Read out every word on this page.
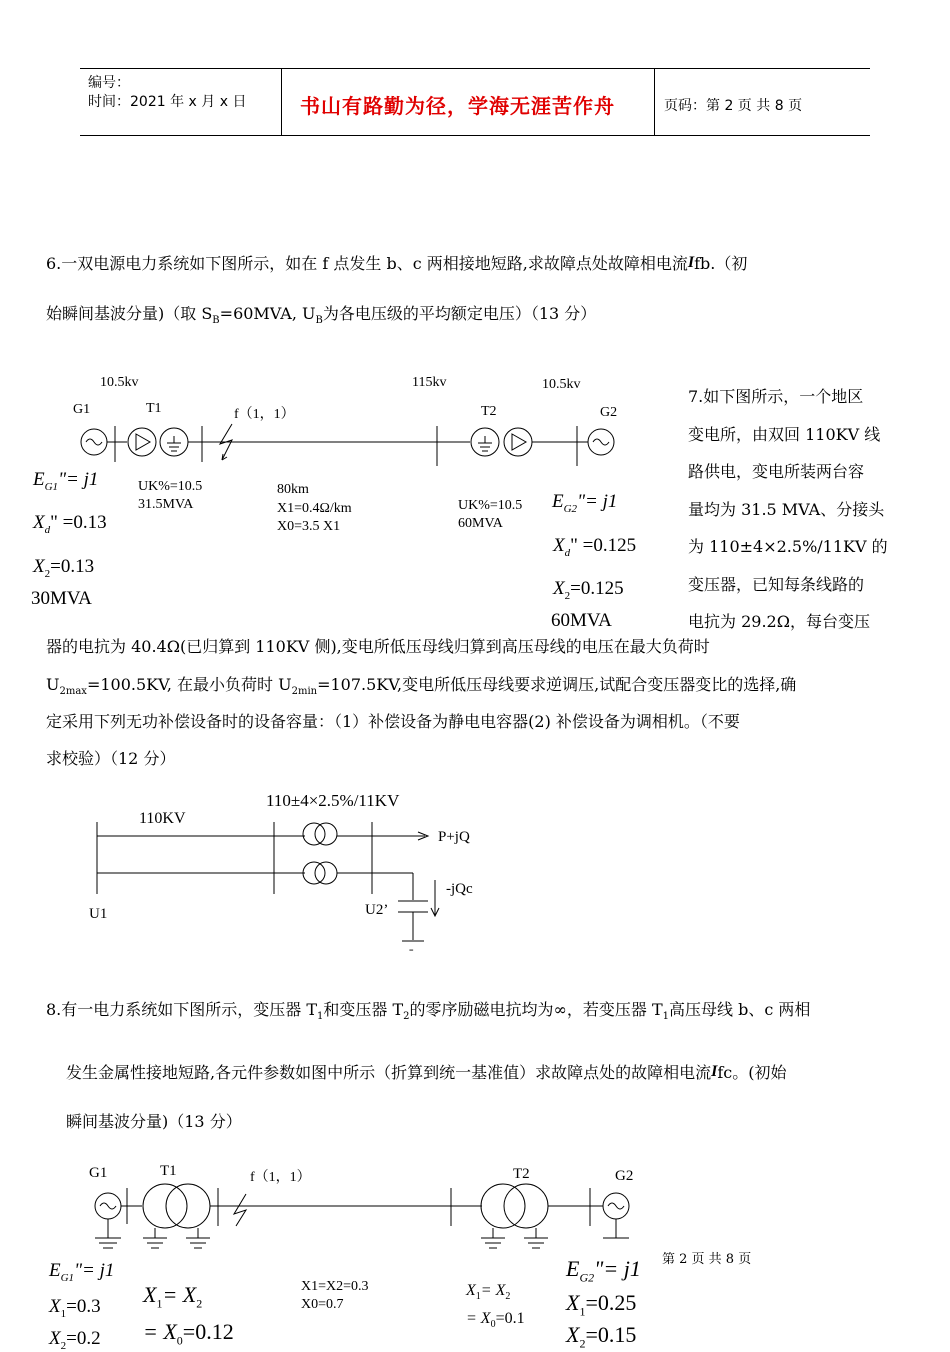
编号：
时间：2021 年 x 月 x 日	书山有路勤为径，学海无涯苦作舟	页码：第 2 页 共 8 页
6.一双电源电力系统如下图所示，如在 f 点发生 b、c 两相接地短路,求故障点处故障相电流Ifb.（初
始瞬间基波分量)（取 $S_B=60MVA$, $U_B$为各电压级的平均额定电压）（13 分）
10.5kv	115kv	10.5kv
G1	T1	f（1，1）	T2	G2
UK%=10.5
31.5MVA
80km
X1=0.4Ω/km
X0=3.5 X1
UK%=10.5
60MVA
$E_{G1}"= j1$
$X_d$" =0.13
$X_2=0.13$
30MVA
$E_{G2}"= j1$
$X_d$" =0.125
$X_2=0.125$
60MVA
7.如下图所示，一个地区
变电所，由双回 110KV 线
路供电，变电所装两台容
量均为 31.5 MVA、分接头
为 110±4×2.5%/11KV 的
变压器，已知每条线路的
电抗为 29.2Ω，每台变压
器的电抗为 40.4Ω(已归算到 110KV 侧),变电所低压母线归算到高压母线的电压在最大负荷时
$U_{2max}=100.5KV$, 在最小负荷时 $U_{2min}=107.5KV$,变电所低压母线要求逆调压,试配合变压器变比的选择,确
定采用下列无功补偿设备时的设备容量：（1）补偿设备为静电电容器(2) 补偿设备为调相机。（不要
求校验）（12 分）
110±4×2.5%/11KV
110KV
P+jQ
-jQc
U1	U2’
=
8.有一电力系统如下图所示，变压器 $T_1$和变压器 $T_2$的零序励磁电抗均为∞，若变压器 $T_1$高压母线 b、c 两相
发生金属性接地短路,各元件参数如图中所示（折算到统一基准值）求故障点处的故障相电流Ifc。(初始
瞬间基波分量)（13 分）
G1	T1	f（1，1）	T2	G2
$E_{G1}"= j1$
$X_1=0.3$
$X_2=0.2$
$X_1= X_2$
= $X_0=0.12$
X1=X2=0.3
X0=0.7
$X_1= X_2$
= $X_0=0.1$
$E_{G2}"= j1$
$X_1=0.25$
$X_2=0.15$
第 2 页 共 8 页
